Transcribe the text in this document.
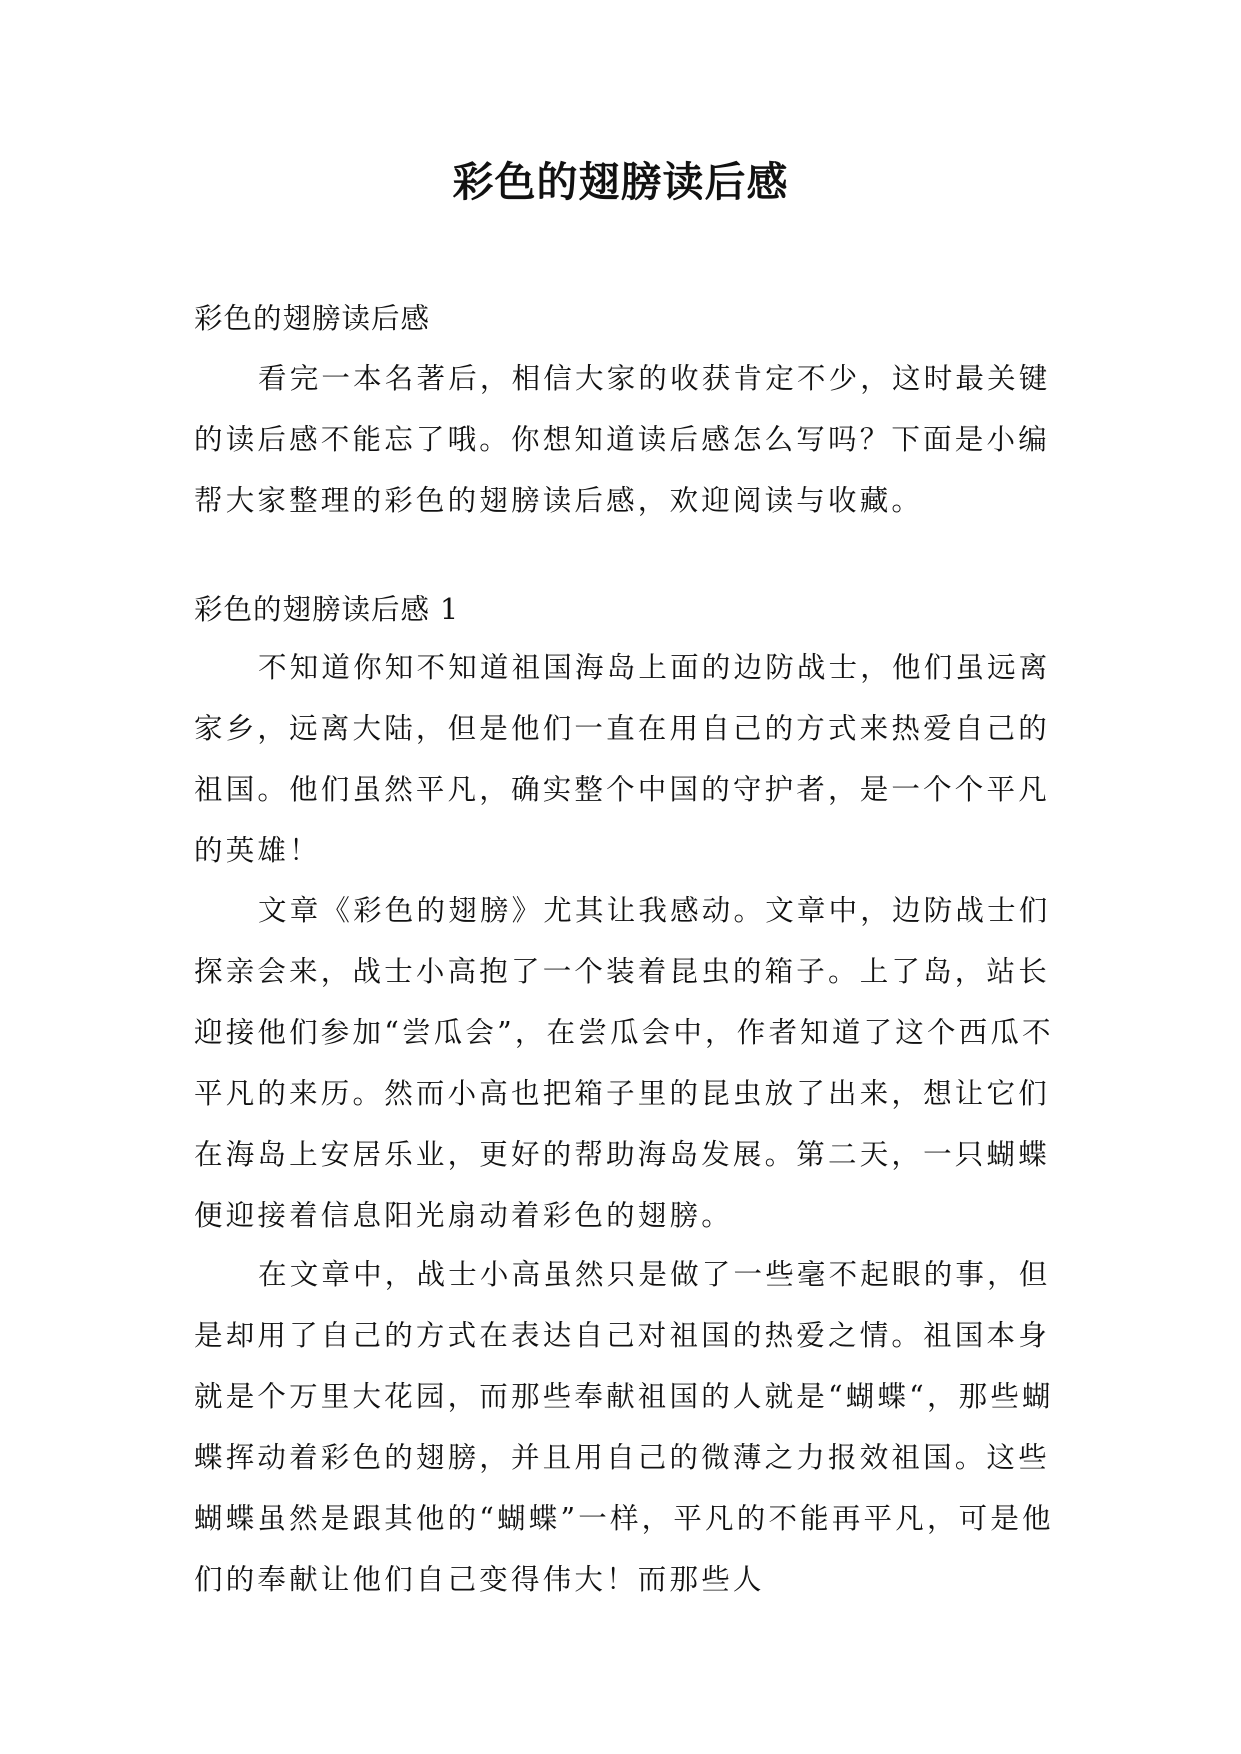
彩色的翅膀读后感

彩色的翅膀读后感

看完一本名著后，相信大家的收获肯定不少，这时最关键的读后感不能忘了哦。你想知道读后感怎么写吗？下面是小编帮大家整理的彩色的翅膀读后感，欢迎阅读与收藏。

彩色的翅膀读后感 1

不知道你知不知道祖国海岛上面的边防战士，他们虽远离家乡，远离大陆，但是他们一直在用自己的方式来热爱自己的祖国。他们虽然平凡，确实整个中国的守护者，是一个个平凡的英雄！

文章《彩色的翅膀》尤其让我感动。文章中，边防战士们探亲会来，战士小高抱了一个装着昆虫的箱子。上了岛，站长迎接他们参加“尝瓜会”，在尝瓜会中，作者知道了这个西瓜不平凡的来历。然而小高也把箱子里的昆虫放了出来，想让它们在海岛上安居乐业，更好的帮助海岛发展。第二天，一只蝴蝶便迎接着信息阳光扇动着彩色的翅膀。

在文章中，战士小高虽然只是做了一些毫不起眼的事，但是却用了自己的方式在表达自己对祖国的热爱之情。祖国本身就是个万里大花园，而那些奉献祖国的人就是“蝴蝶“，那些蝴蝶挥动着彩色的翅膀，并且用自己的微薄之力报效祖国。这些蝴蝶虽然是跟其他的“蝴蝶”一样，平凡的不能再平凡，可是他们的奉献让他们自己变得伟大！而那些人
